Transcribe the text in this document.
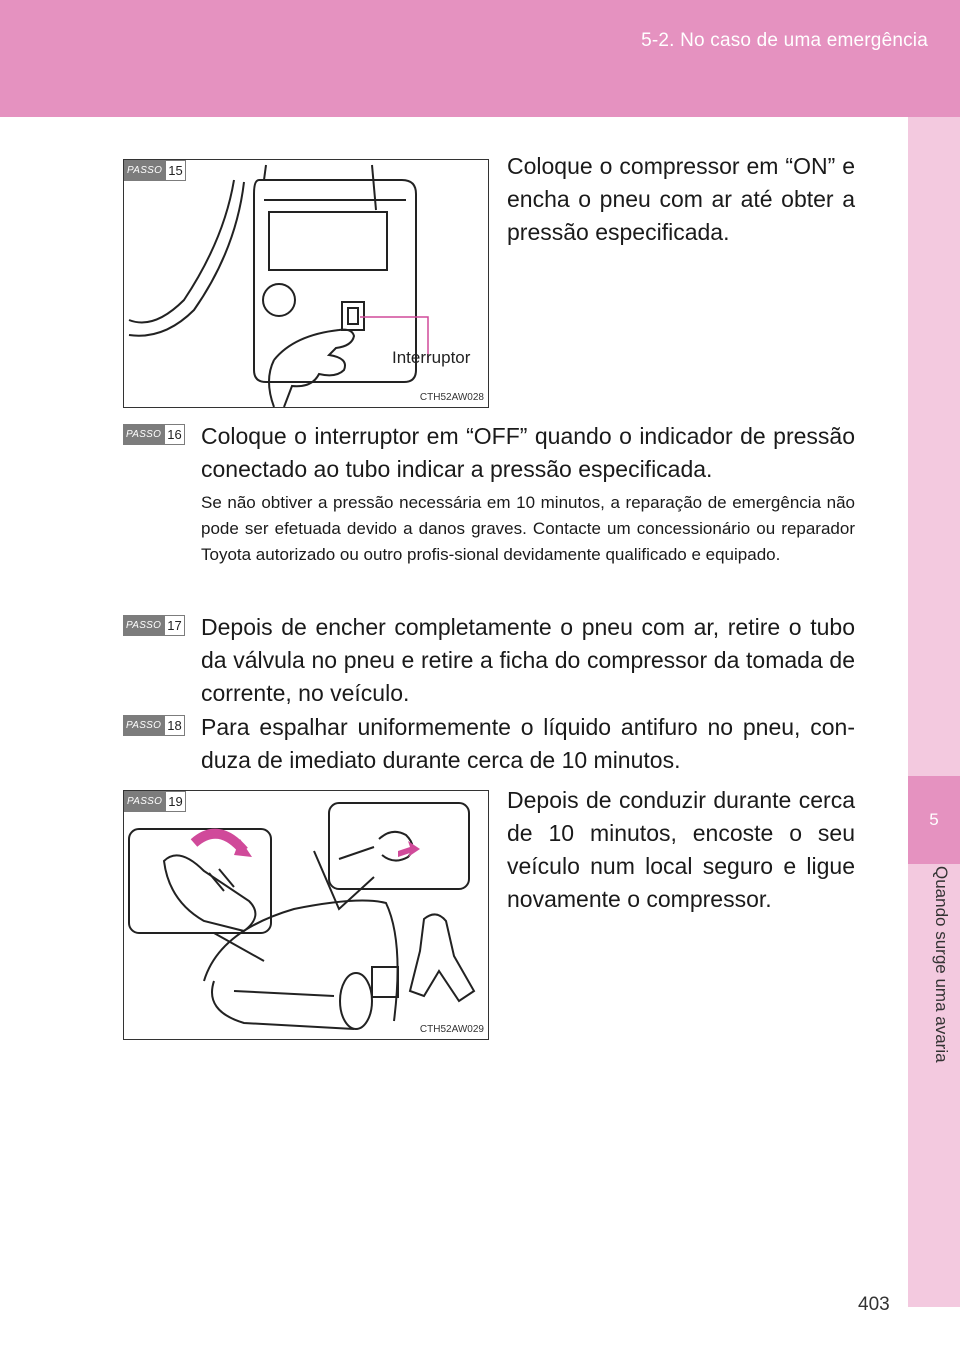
5-2. No caso de uma emergência
5
Quando surge uma avaria
PASSO 15
Interruptor
CTH52AW028
Coloque o compressor em “ON” e encha o pneu com ar até obter a pressão especificada.
PASSO 16 Coloque o interruptor em “OFF” quando o indicador de pressão conectado ao tubo indicar a pressão especificada.
Se não obtiver a pressão necessária em 10 minutos, a reparação de emergência não pode ser efetuada devido a danos graves. Contacte um concessionário ou reparador Toyota autorizado ou outro profis-sional devidamente qualificado e equipado.
PASSO 17 Depois de encher completamente o pneu com ar, retire o tubo da válvula no pneu e retire a ficha do compressor da tomada de corrente, no veículo.
PASSO 18 Para espalhar uniformemente o líquido antifuro no pneu, con-duza de imediato durante cerca de 10 minutos.
PASSO 19
CTH52AW029
Depois de conduzir durante cerca de 10 minutos, encoste o seu veículo num local seguro e ligue novamente o compressor.
403
